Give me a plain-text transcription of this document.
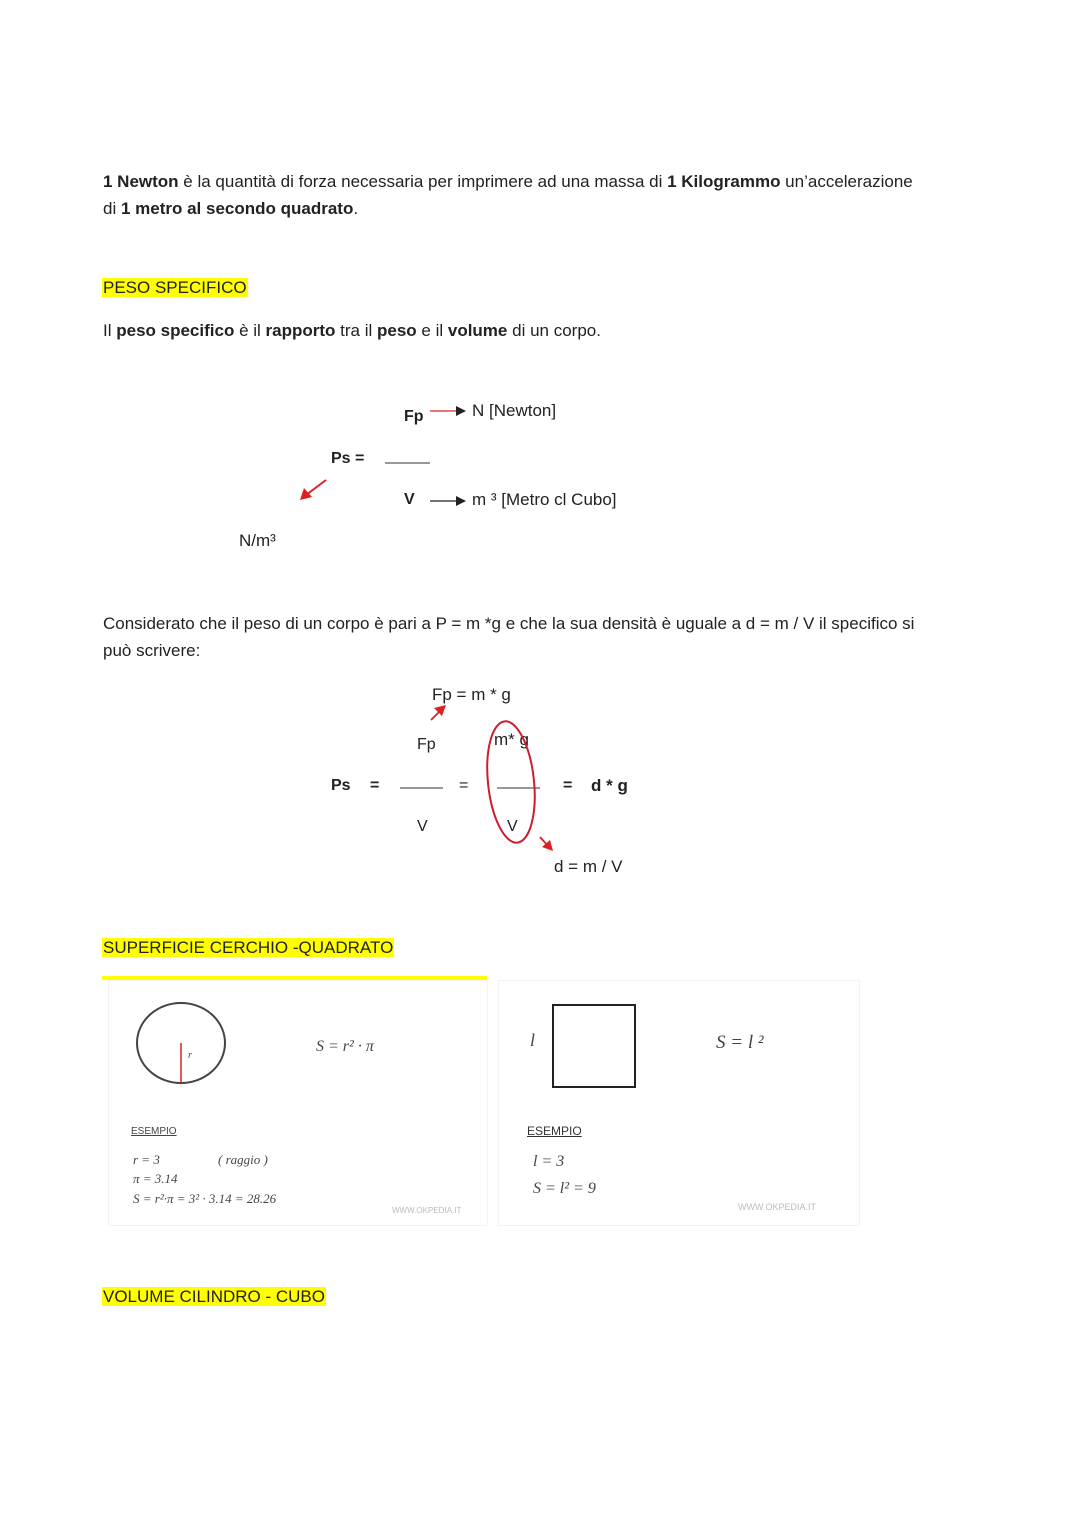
1 Newton è la quantità di forza necessaria per imprimere ad una massa di 1 Kilogrammo un’accelerazione
di 1 metro al secondo quadrato.
PESO SPECIFICO
Il peso specifico è il rapporto tra il peso e il volume di un corpo.
Fp	N [Newton]
Ps =
V	m ³ [Metro cl Cubo]
N/m³
Considerato che il peso di un corpo è pari a P = m *g e che la sua densità è uguale a d = m / V il specifico si
può scrivere:
Fp = m * g
Fp	m* g
Ps =	=
V	V
= d * g
d = m / V
SUPERFICIE CERCHIO -QUADRATO
r
S = r² · π
ESEMPIO
r = 3	( raggio )
π = 3.14
S = r²·π = 3² · 3.14 = 28.26
WWW.OKPEDIA.IT
l	S = l ²
ESEMPIO
l = 3
S = l² = 9
WWW.OKPEDIA.IT
VOLUME CILINDRO - CUBO
